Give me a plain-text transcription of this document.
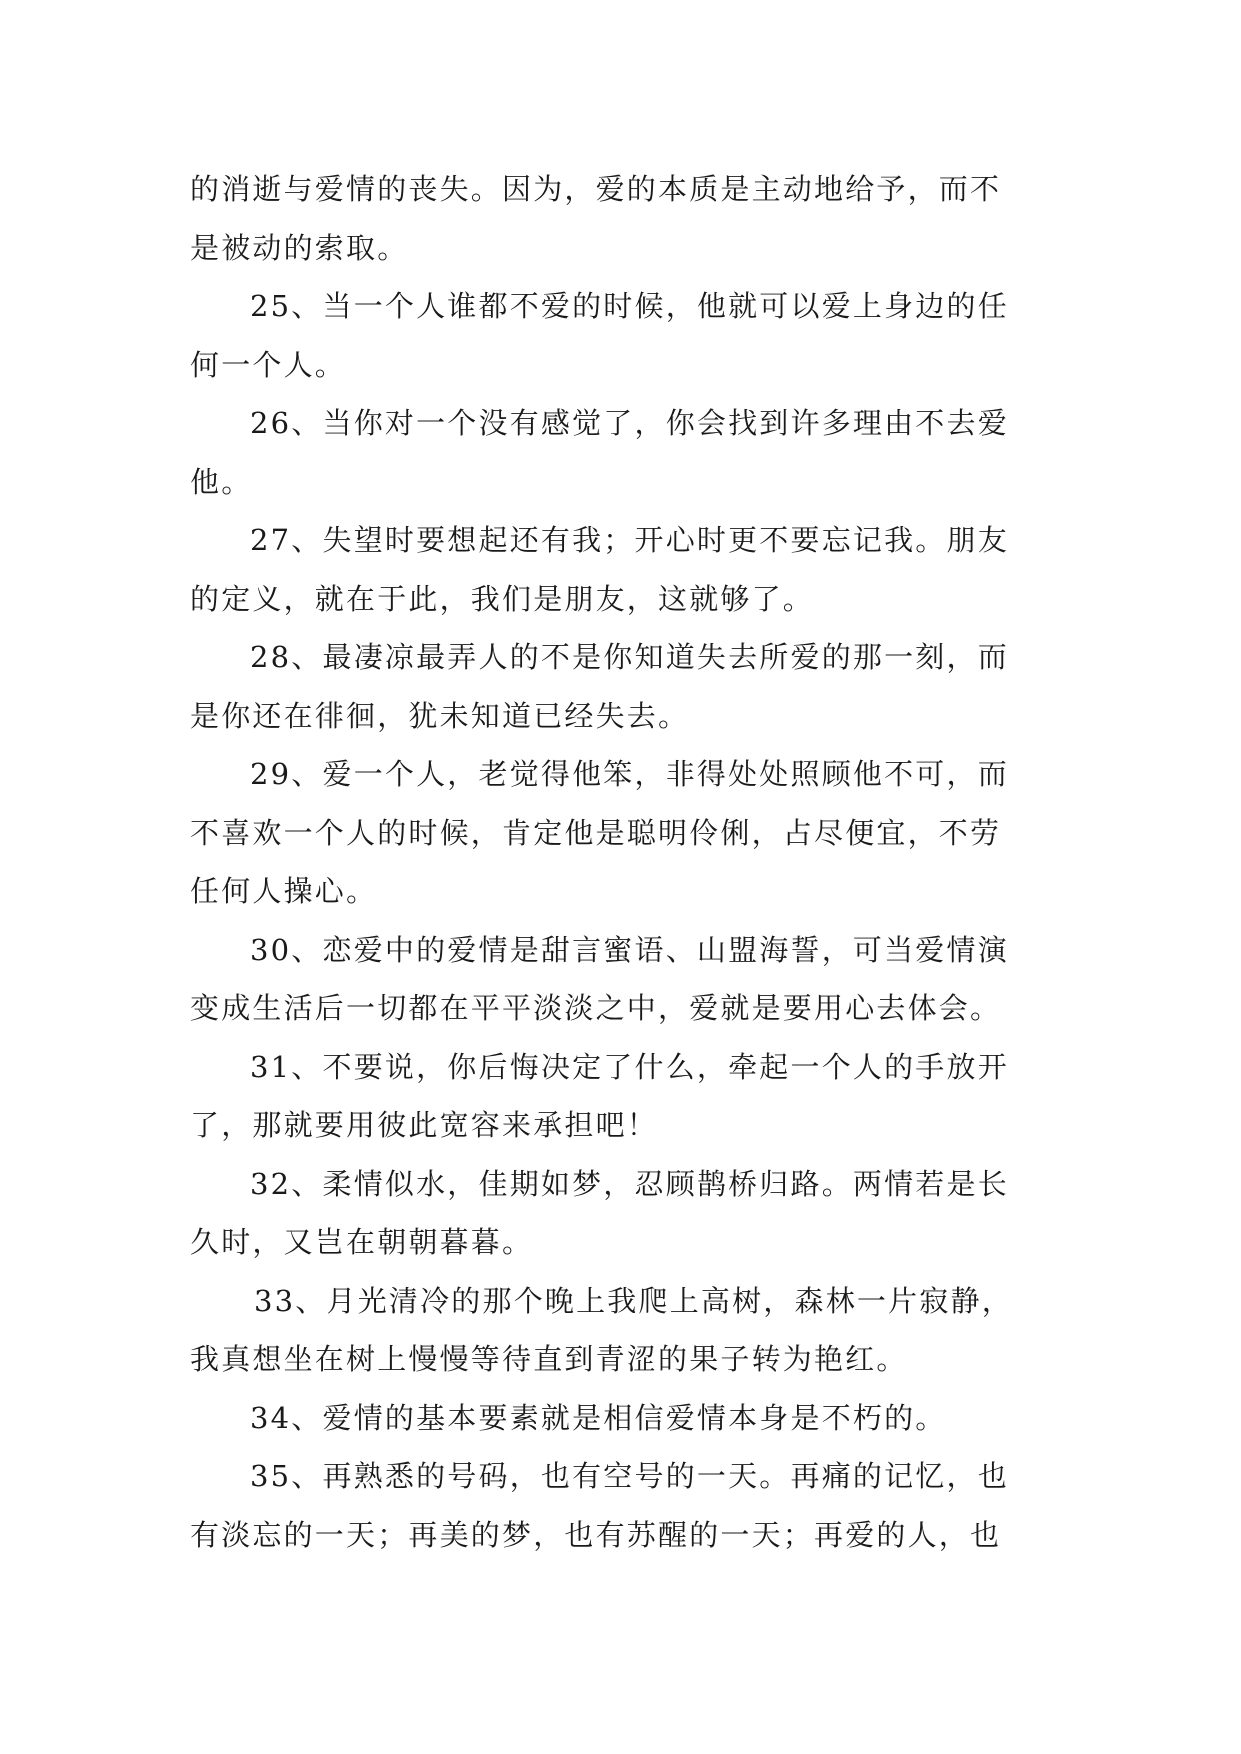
的消逝与爱情的丧失。因为，爱的本质是主动地给予，而不
是被动的索取。

25、当一个人谁都不爱的时候，他就可以爱上身边的任
何一个人。

26、当你对一个没有感觉了，你会找到许多理由不去爱
他。

27、失望时要想起还有我；开心时更不要忘记我。朋友
的定义，就在于此，我们是朋友，这就够了。

28、最凄凉最弄人的不是你知道失去所爱的那一刻，而
是你还在徘徊，犹未知道已经失去。

29、爱一个人，老觉得他笨，非得处处照顾他不可，而
不喜欢一个人的时候，肯定他是聪明伶俐，占尽便宜，不劳
任何人操心。

30、恋爱中的爱情是甜言蜜语、山盟海誓，可当爱情演
变成生活后一切都在平平淡淡之中，爱就是要用心去体会。

31、不要说，你后悔决定了什么，牵起一个人的手放开
了，那就要用彼此宽容来承担吧！

32、柔情似水，佳期如梦，忍顾鹊桥归路。两情若是长
久时，又岂在朝朝暮暮。

33、月光清冷的那个晚上我爬上高树，森林一片寂静，
我真想坐在树上慢慢等待直到青涩的果子转为艳红。

34、爱情的基本要素就是相信爱情本身是不朽的。

35、再熟悉的号码，也有空号的一天。再痛的记忆，也
有淡忘的一天；再美的梦，也有苏醒的一天；再爱的人，也
